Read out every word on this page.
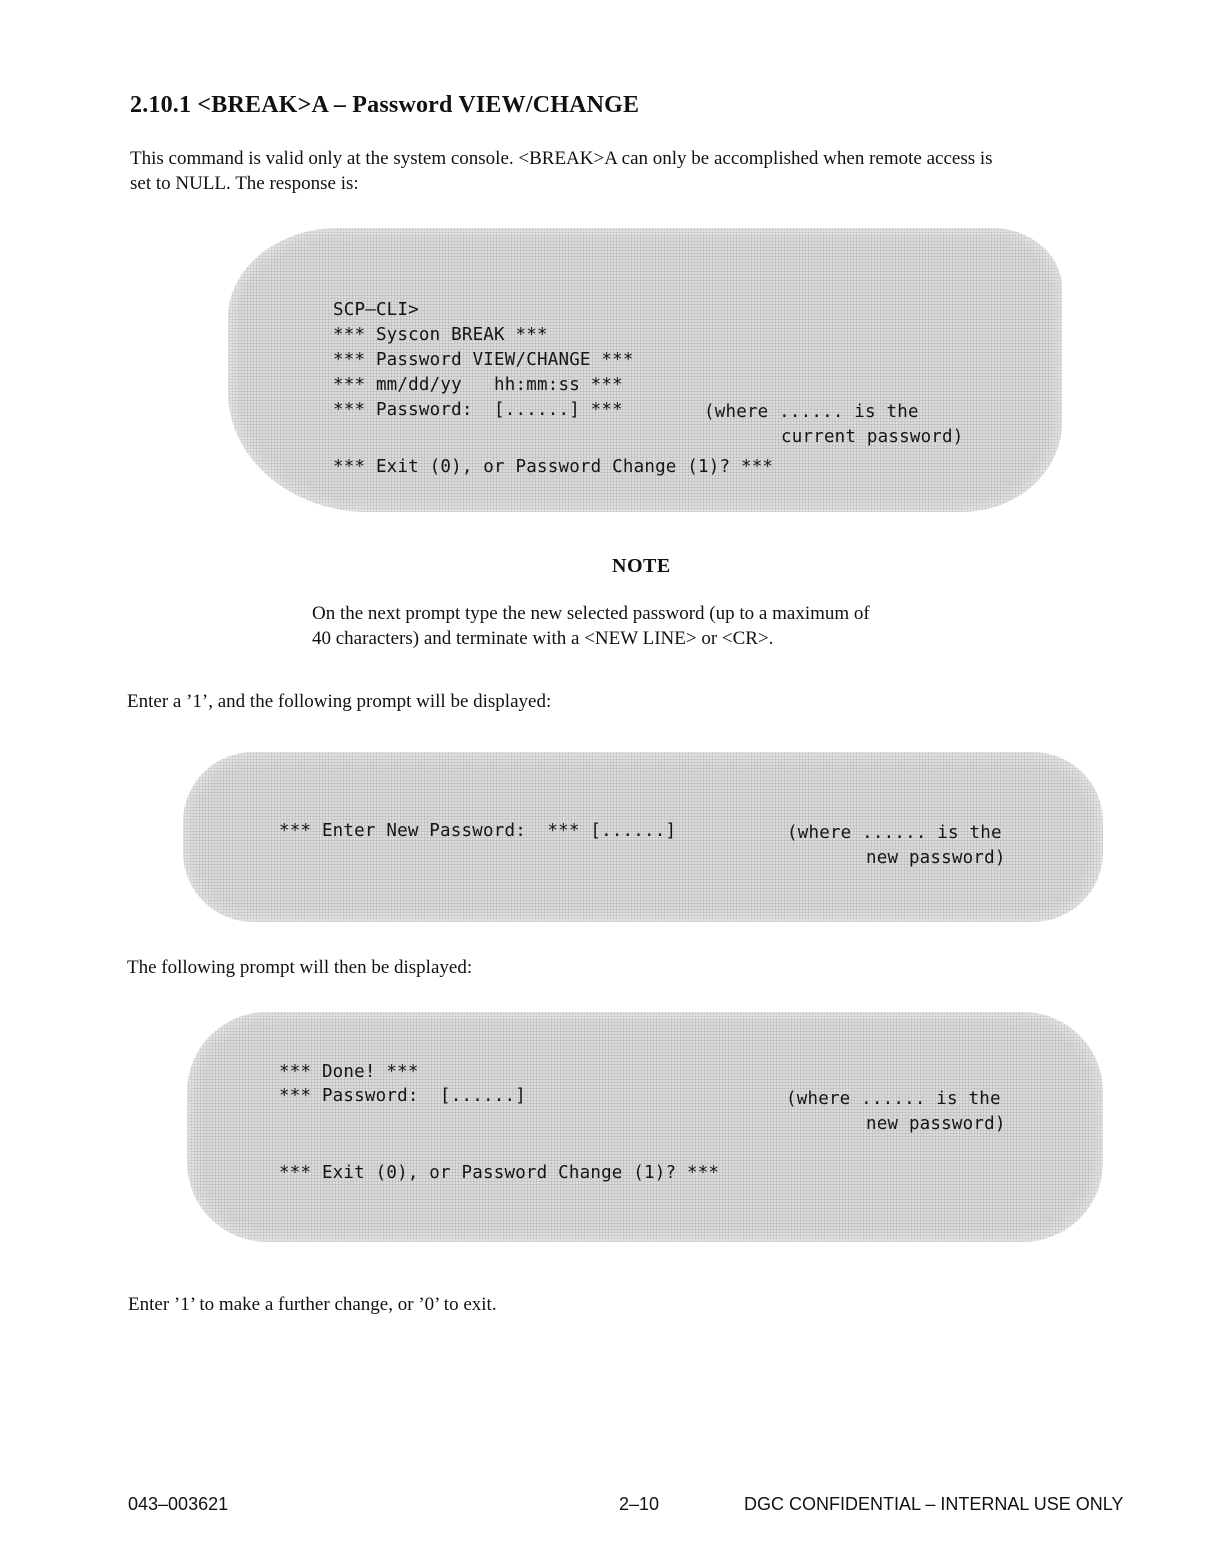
2.10.1 <BREAK>A – Password VIEW/CHANGE
This command is valid only at the system console. <BREAK>A can only be accomplished when remote access is
set to NULL. The response is:
SCP–CLI>
*** Syscon BREAK ***
*** Password VIEW/CHANGE ***
*** mm/dd/yy   hh:mm:ss ***
*** Password:  [......] ***	(where ...... is the
current password)
*** Exit (0), or Password Change (1)? ***
NOTE
On the next prompt type the new selected password (up to a maximum of
40 characters) and terminate with a <NEW LINE> or <CR>.
Enter a ’1’, and the following prompt will be displayed:
*** Enter New Password:  *** [......]	(where ...... is the
new password)
The following prompt will then be displayed:
*** Done! ***
*** Password:  [......]	(where ...... is the
new password)
*** Exit (0), or Password Change (1)? ***
Enter ’1’ to make a further change, or ’0’ to exit.
043–003621	2–10	DGC CONFIDENTIAL – INTERNAL USE ONLY
